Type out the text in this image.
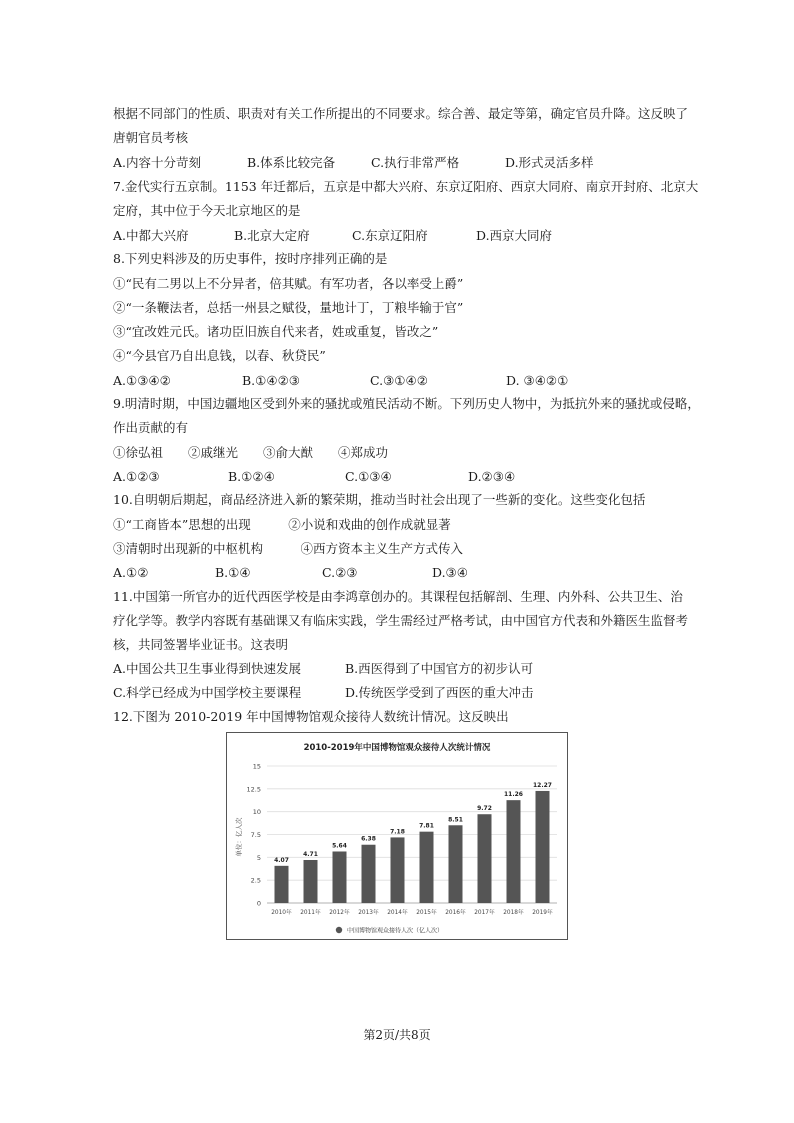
根据不同部门的性质、职责对有关工作所提出的不同要求。综合善、最定等第，确定官员升降。这反映了
唐朝官员考核
A.内容十分苛刻	B.体系比较完备	C.执行非常严格	D.形式灵活多样
7.金代实行五京制。1153 年迁都后，五京是中都大兴府、东京辽阳府、西京大同府、南京开封府、北京大
定府，其中位于今天北京地区的是
A.中都大兴府	B.北京大定府	C.东京辽阳府	D.西京大同府
8.下列史料涉及的历史事件，按时序排列正确的是
①“民有二男以上不分异者，倍其赋。有军功者，各以率受上爵”
②“一条鞭法者，总括一州县之赋役，量地计丁，丁粮毕输于官”
③“宜改姓元氏。诸功臣旧族自代来者，姓或重复，皆改之”
④“今县官乃自出息钱，以春、秋贷民”
A.①③④②	B.①④②③	C.③①④②	D. ③④②①
9.明清时期，中国边疆地区受到外来的骚扰或殖民活动不断。下列历史人物中，为抵抗外来的骚扰或侵略，
作出贡献的有
①徐弘祖　　②戚继光　　③俞大猷　　④郑成功
A.①②③	B.①②④	C.①③④	D.②③④
10.自明朝后期起，商品经济进入新的繁荣期，推动当时社会出现了一些新的变化。这些变化包括
①“工商皆本”思想的出现　　　②小说和戏曲的创作成就显著
③清朝时出现新的中枢机构　　　④西方资本主义生产方式传入
A.①②	B.①④	C.②③	D.③④
11.中国第一所官办的近代西医学校是由李鸿章创办的。其课程包括解剖、生理、内外科、公共卫生、治
疗化学等。教学内容既有基础课又有临床实践，学生需经过严格考试，由中国官方代表和外籍医生监督考
核，共同签署毕业证书。这表明
A.中国公共卫生事业得到快速发展	B.西医得到了中国官方的初步认可
C.科学已经成为中国学校主要课程	D.传统医学受到了西医的重大冲击
12.下图为 2010-2019 年中国博物馆观众接待人数统计情况。这反映出
2010-2019年中国博物馆观众接待人次统计情况
单位：亿人次
0
2.5
5
7.5
10
12.5
15
4.07
4.71
5.64
6.38
7.18
7.81
8.51
9.72
11.26
12.27
2010年 2011年 2012年 2013年 2014年 2015年 2016年 2017年 2018年 2019年
中国博物馆观众接待人次（亿人次）
第2页/共8页
